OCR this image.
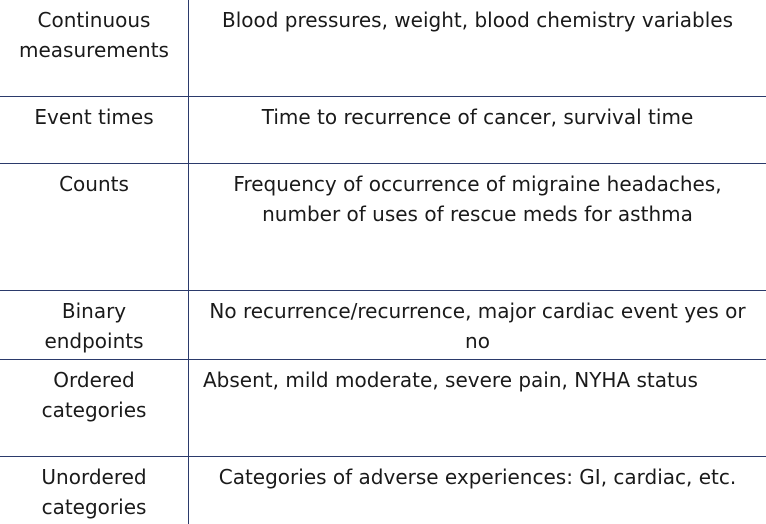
Continuous
measurements	Blood pressures, weight, blood chemistry variables

Event times	Time to recurrence of cancer, survival time

Counts	Frequency of occurrence of migraine headaches, number of uses of rescue meds for asthma

Binary
endpoints	No recurrence/recurrence, major cardiac event yes or no

Ordered
categories	Absent, mild moderate, severe pain, NYHA status

Unordered
categories	Categories of adverse experiences: GI, cardiac, etc.
